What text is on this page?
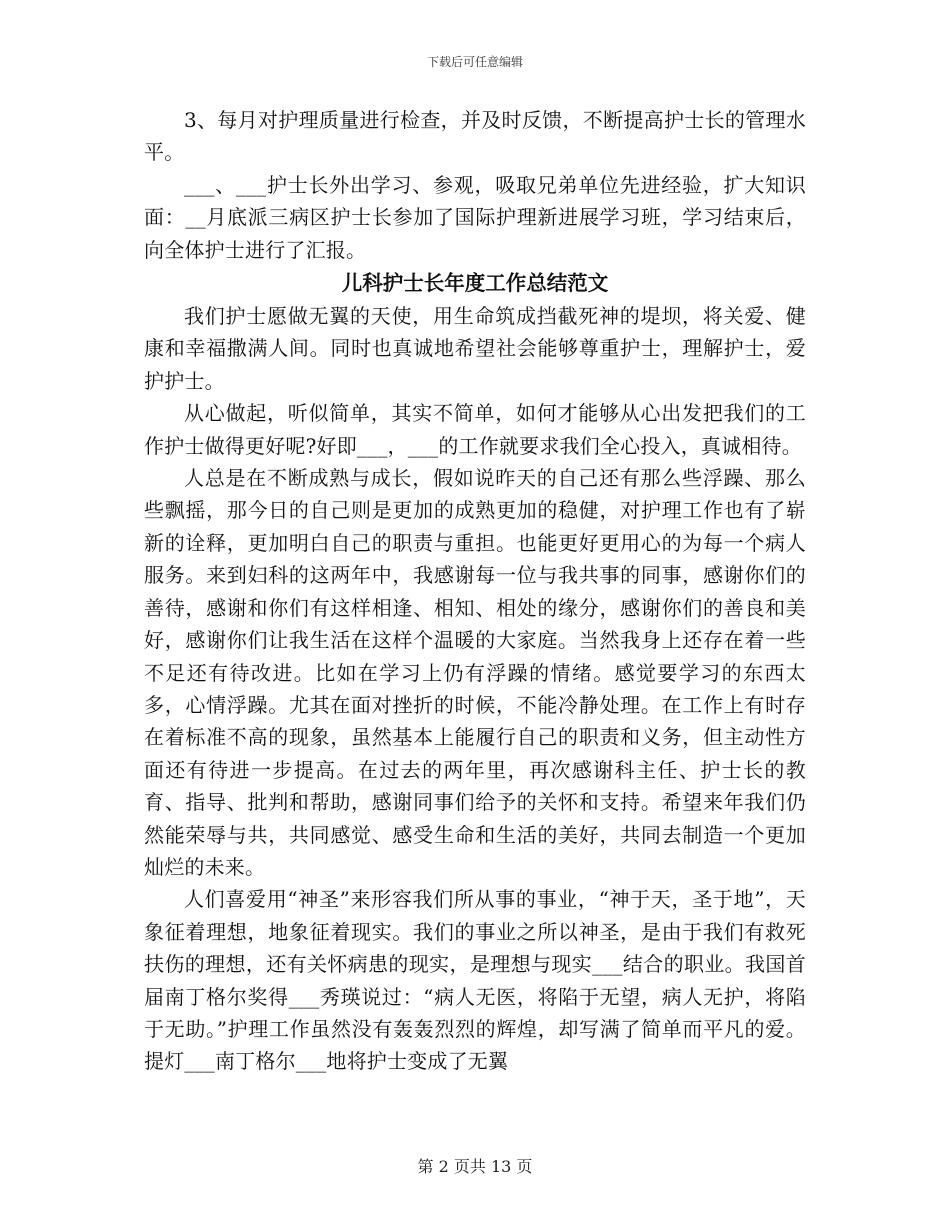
下载后可任意编辑

3、每月对护理质量进行检查，并及时反馈，不断提高护士长的管理水平。

___、___护士长外出学习、参观，吸取兄弟单位先进经验，扩大知识面：__月底派三病区护士长参加了国际护理新进展学习班，学习结束后，向全体护士进行了汇报。

儿科护士长年度工作总结范文

我们护士愿做无翼的天使，用生命筑成挡截死神的堤坝，将关爱、健康和幸福撒满人间。同时也真诚地希望社会能够尊重护士，理解护士，爱护护士。

从心做起，听似简单，其实不简单，如何才能够从心出发把我们的工作护士做得更好呢?好即___，___的工作就要求我们全心投入，真诚相待。

人总是在不断成熟与成长，假如说昨天的自己还有那么些浮躁、那么些飘摇，那今日的自己则是更加的成熟更加的稳健，对护理工作也有了崭新的诠释，更加明白自己的职责与重担。也能更好更用心的为每一个病人服务。来到妇科的这两年中，我感谢每一位与我共事的同事，感谢你们的善待，感谢和你们有这样相逢、相知、相处的缘分，感谢你们的善良和美好，感谢你们让我生活在这样个温暖的大家庭。当然我身上还存在着一些不足还有待改进。比如在学习上仍有浮躁的情绪。感觉要学习的东西太多，心情浮躁。尤其在面对挫折的时候，不能冷静处理。在工作上有时存在着标准不高的现象，虽然基本上能履行自己的职责和义务，但主动性方面还有待进一步提高。在过去的两年里，再次感谢科主任、护士长的教育、指导、批判和帮助，感谢同事们给予的关怀和支持。希望来年我们仍然能荣辱与共，共同感觉、感受生命和生活的美好，共同去制造一个更加灿烂的未来。

人们喜爱用“神圣”来形容我们所从事的事业，“神于天，圣于地”，天象征着理想，地象征着现实。我们的事业之所以神圣，是由于我们有救死扶伤的理想，还有关怀病患的现实，是理想与现实___结合的职业。我国首届南丁格尔奖得___秀瑛说过：“病人无医，将陷于无望，病人无护，将陷于无助。”护理工作虽然没有轰轰烈烈的辉煌，却写满了简单而平凡的爱。提灯___南丁格尔___地将护士变成了无翼

第 2 页共 13 页
